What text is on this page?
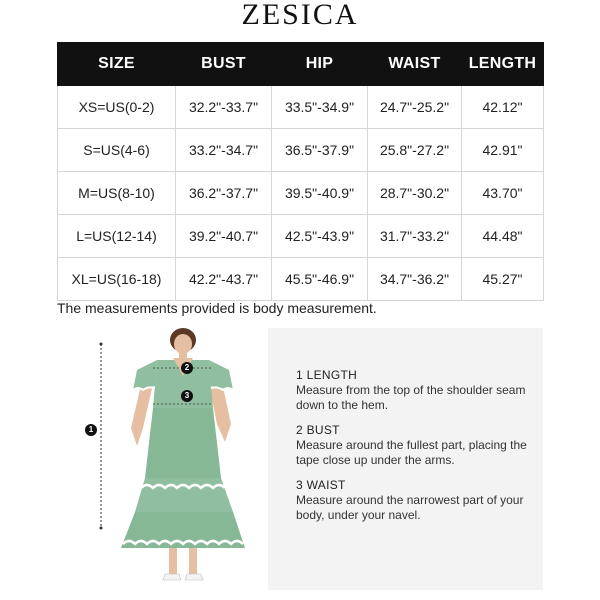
ZESICA
SIZE	BUST	HIP	WAIST	LENGTH
XS=US(0-2)	32.2"-33.7"	33.5"-34.9"	24.7"-25.2"	42.12"
S=US(4-6)	33.2"-34.7"	36.5"-37.9"	25.8"-27.2"	42.91"
M=US(8-10)	36.2"-37.7"	39.5"-40.9"	28.7"-30.2"	43.70"
L=US(12-14)	39.2"-40.7"	42.5"-43.9"	31.7"-33.2"	44.48"
XL=US(16-18)	42.2"-43.7"	45.5"-46.9"	34.7"-36.2"	45.27"
The measurements provided is body measurement.
1
2
3
1 LENGTH
Measure from the top of the shoulder seam down to the hem.
2 BUST
Measure around the fullest part, placing the tape close up under the arms.
3 WAIST
Measure around the narrowest part of your body, under your navel.
